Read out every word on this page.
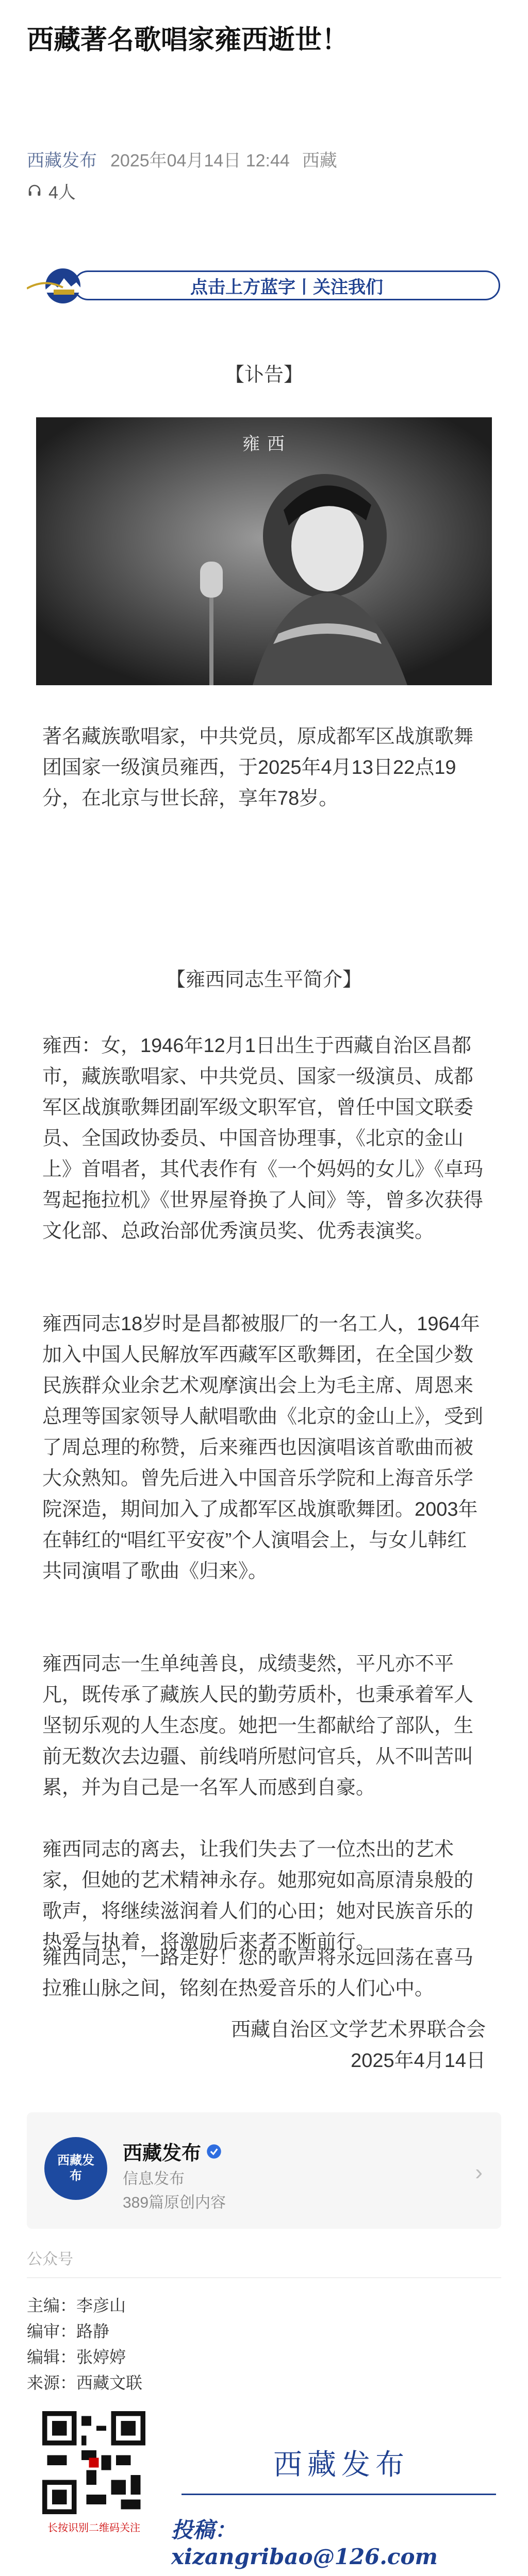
西藏著名歌唱家雍西逝世！
西藏发布 2025年04月14日 12:44 西藏
4人
点击上方蓝字丨关注我们
【讣告】
雍西

著名藏族歌唱家，中共党员，原成都军区战旗歌舞团国家一级演员雍西，于2025年4月13日22点19分，在北京与世长辞，享年78岁。

【雍西同志生平简介】

雍西：女，1946年12月1日出生于西藏自治区昌都市，藏族歌唱家、中共党员、国家一级演员、成都军区战旗歌舞团副军级文职军官，曾任中国文联委员、全国政协委员、中国音协理事，《北京的金山上》首唱者，其代表作有《一个妈妈的女儿》《卓玛驾起拖拉机》《世界屋脊换了人间》等，曾多次获得文化部、总政治部优秀演员奖、优秀表演奖。

雍西同志18岁时是昌都被服厂的一名工人，1964年加入中国人民解放军西藏军区歌舞团，在全国少数民族群众业余艺术观摩演出会上为毛主席、周恩来总理等国家领导人献唱歌曲《北京的金山上》，受到了周总理的称赞，后来雍西也因演唱该首歌曲而被大众熟知。曾先后进入中国音乐学院和上海音乐学院深造，期间加入了成都军区战旗歌舞团。2003年在韩红的“唱红平安夜”个人演唱会上，与女儿韩红共同演唱了歌曲《归来》。

雍西同志一生单纯善良，成绩斐然，平凡亦不平凡，既传承了藏族人民的勤劳质朴，也秉承着军人坚韧乐观的人生态度。她把一生都献给了部队，生前无数次去边疆、前线哨所慰问官兵，从不叫苦叫累，并为自己是一名军人而感到自豪。

雍西同志的离去，让我们失去了一位杰出的艺术家，但她的艺术精神永存。她那宛如高原清泉般的歌声，将继续滋润着人们的心田；她对民族音乐的热爱与执着，将激励后来者不断前行。

雍西同志，一路走好！您的歌声将永远回荡在喜马拉雅山脉之间，铭刻在热爱音乐的人们心中。

西藏发布
西藏发布
信息发布
389篇原创内容
›
公众号
主编：李彦山
编审：路静
编辑：张婷婷
来源：西藏文联
长按识别二维码关注
西藏发布
投稿：xizangribao@126.com
西藏自治区文学艺术界联合会
2025年4月14日
